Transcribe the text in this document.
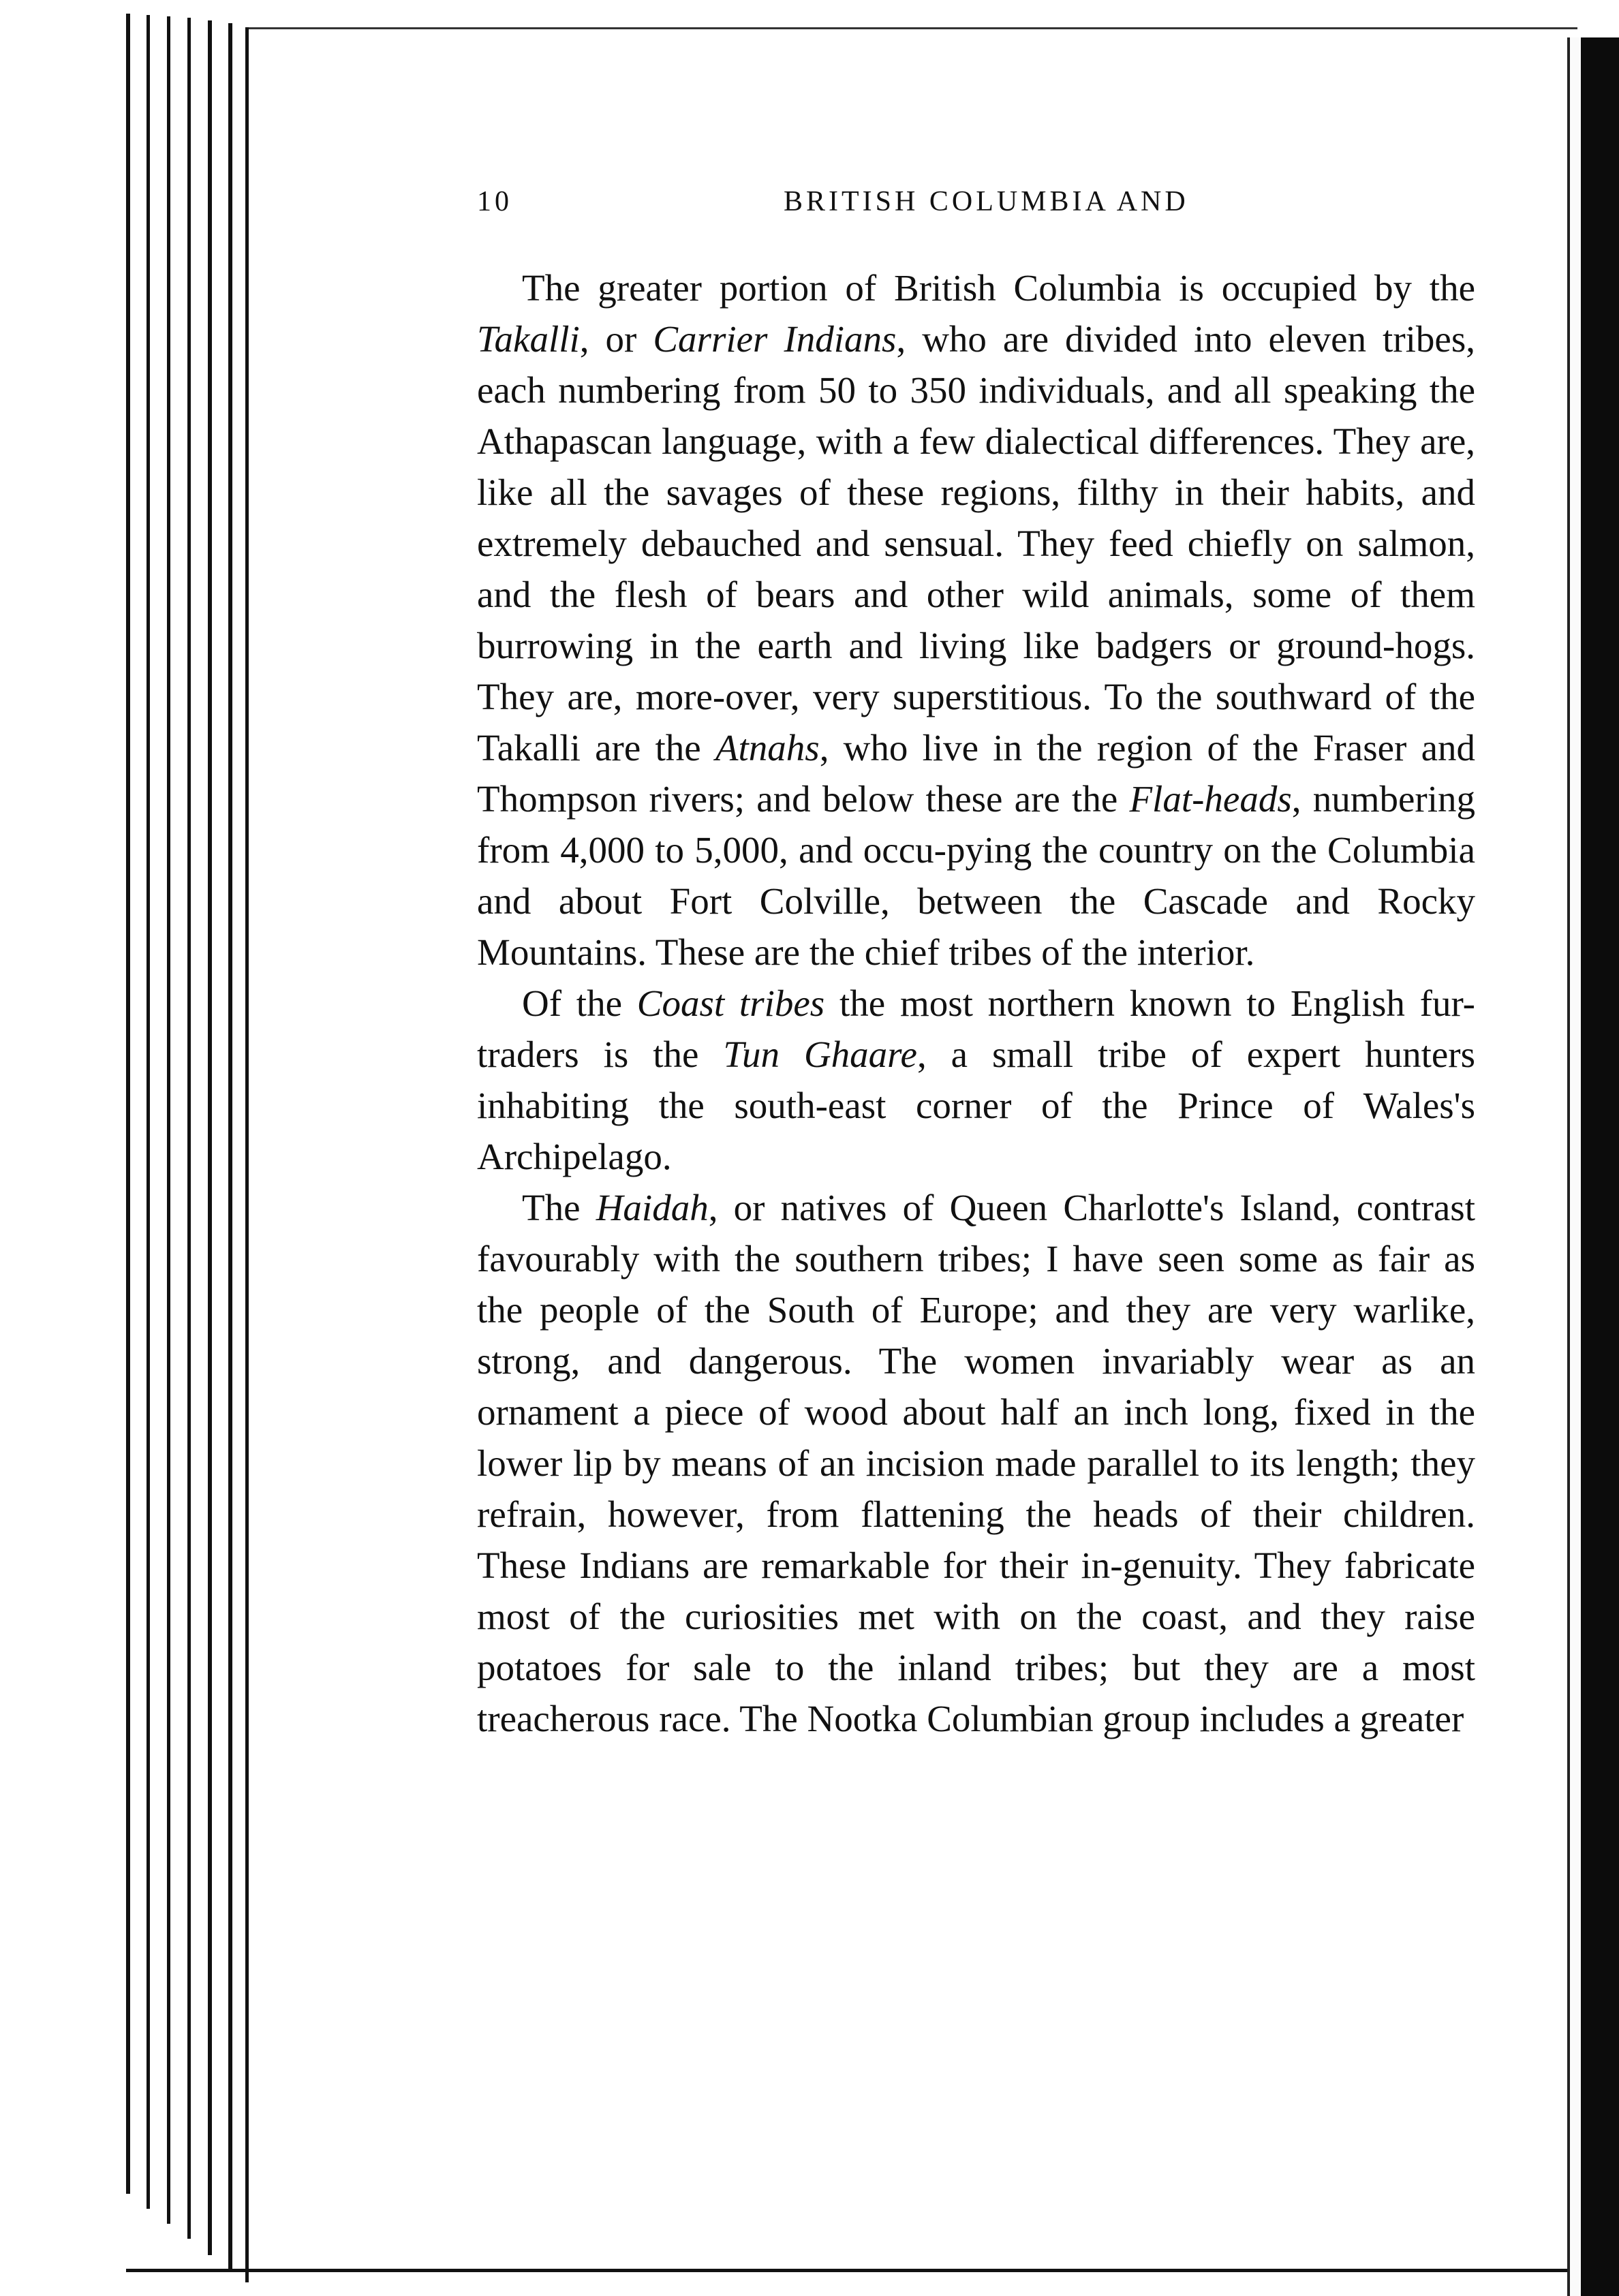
10	BRITISH COLUMBIA AND

The greater portion of British Columbia is occupied by the Takalli, or Carrier Indians, who are divided into eleven tribes, each numbering from 50 to 350 individuals, and all speaking the Athapascan language, with a few dialectical differences. They are, like all the savages of these regions, filthy in their habits, and extremely debauched and sensual. They feed chiefly on salmon, and the flesh of bears and other wild animals, some of them burrowing in the earth and living like badgers or ground-hogs. They are, more-over, very superstitious. To the southward of the Takalli are the Atnahs, who live in the region of the Fraser and Thompson rivers; and below these are the Flat-heads, numbering from 4,000 to 5,000, and occu-pying the country on the Columbia and about Fort Colville, between the Cascade and Rocky Mountains. These are the chief tribes of the interior.

Of the Coast tribes the most northern known to English fur-traders is the Tun Ghaare, a small tribe of expert hunters inhabiting the south-east corner of the Prince of Wales's Archipelago.

The Haidah, or natives of Queen Charlotte's Island, contrast favourably with the southern tribes; I have seen some as fair as the people of the South of Europe; and they are very warlike, strong, and dangerous. The women invariably wear as an ornament a piece of wood about half an inch long, fixed in the lower lip by means of an incision made parallel to its length; they refrain, however, from flattening the heads of their children. These Indians are remarkable for their in-genuity. They fabricate most of the curiosities met with on the coast, and they raise potatoes for sale to the inland tribes; but they are a most treacherous race. The Nootka Columbian group includes a greater
